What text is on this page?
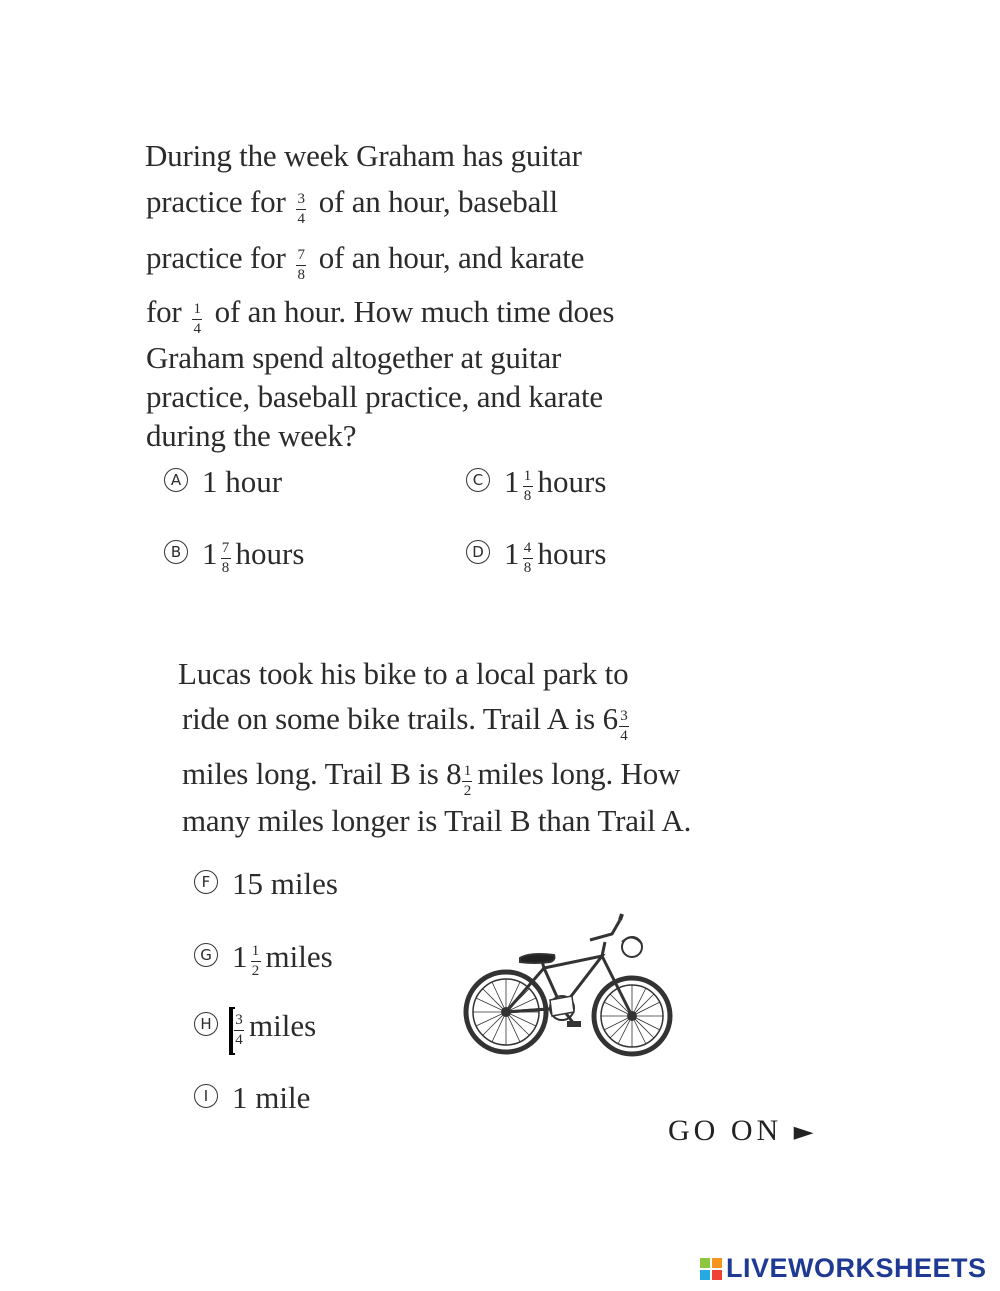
During the week Graham has guitar
practice for $\frac{3}{4}$ of an hour, baseball
practice for $\frac{7}{8}$ of an hour, and karate
for $\frac{1}{4}$ of an hour. How much time does
Graham spend altogether at guitar
practice, baseball practice, and karate
during the week?
A 1 hour	C $1 \frac{1}{8}$ hours
B $1 \frac{7}{8}$ hours	D $1 \frac{4}{8}$ hours
Lucas took his bike to a local park to
ride on some bike trails. Trail A is $6 \frac{3}{4}$
miles long. Trail B is $8 \frac{1}{2}$ miles long. How
many miles longer is Trail B than Trail A.
F 15 miles
G $1 \frac{1}{2}$ miles
H	$\frac{3}{4}$ miles
I 1 mile
GO ON ►
LIVEWORKSHEETS
